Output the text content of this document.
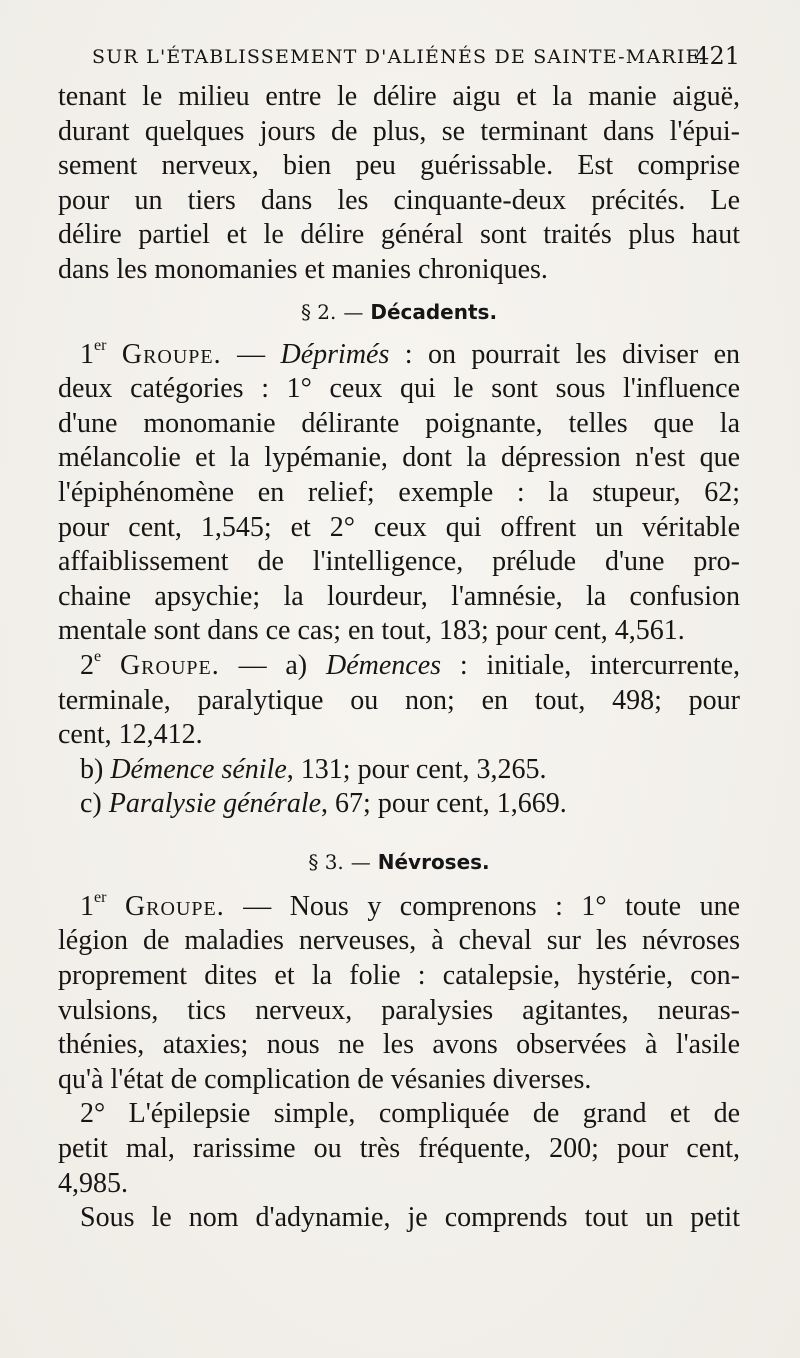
SUR L'ÉTABLISSEMENT D'ALIÉNÉS DE SAINTE-MARIE
421
tenant le milieu entre le délire aigu et la manie aiguë,
durant quelques jours de plus, se terminant dans l'épui-
sement nerveux, bien peu guérissable. Est comprise
pour un tiers dans les cinquante-deux précités. Le
délire partiel et le délire général sont traités plus haut
dans les monomanies et manies chroniques.
§ 2. — Décadents.
1er Groupe. — Déprimés : on pourrait les diviser en
deux catégories : 1° ceux qui le sont sous l'influence
d'une monomanie délirante poignante, telles que la
mélancolie et la lypémanie, dont la dépression n'est que
l'épiphénomène en relief; exemple : la stupeur, 62;
pour cent, 1,545; et 2° ceux qui offrent un véritable
affaiblissement de l'intelligence, prélude d'une pro-
chaine apsychie; la lourdeur, l'amnésie, la confusion
mentale sont dans ce cas; en tout, 183; pour cent, 4,561.
2e Groupe. — a) Démences : initiale, intercurrente,
terminale, paralytique ou non; en tout, 498; pour
cent, 12,412.
b) Démence sénile, 131; pour cent, 3,265.
c) Paralysie générale, 67; pour cent, 1,669.
§ 3. — Névroses.
1er Groupe. — Nous y comprenons : 1° toute une
légion de maladies nerveuses, à cheval sur les névroses
proprement dites et la folie : catalepsie, hystérie, con-
vulsions, tics nerveux, paralysies agitantes, neuras-
thénies, ataxies; nous ne les avons observées à l'asile
qu'à l'état de complication de vésanies diverses.
2° L'épilepsie simple, compliquée de grand et de
petit mal, rarissime ou très fréquente, 200; pour cent,
4,985.
Sous le nom d'adynamie, je comprends tout un petit
